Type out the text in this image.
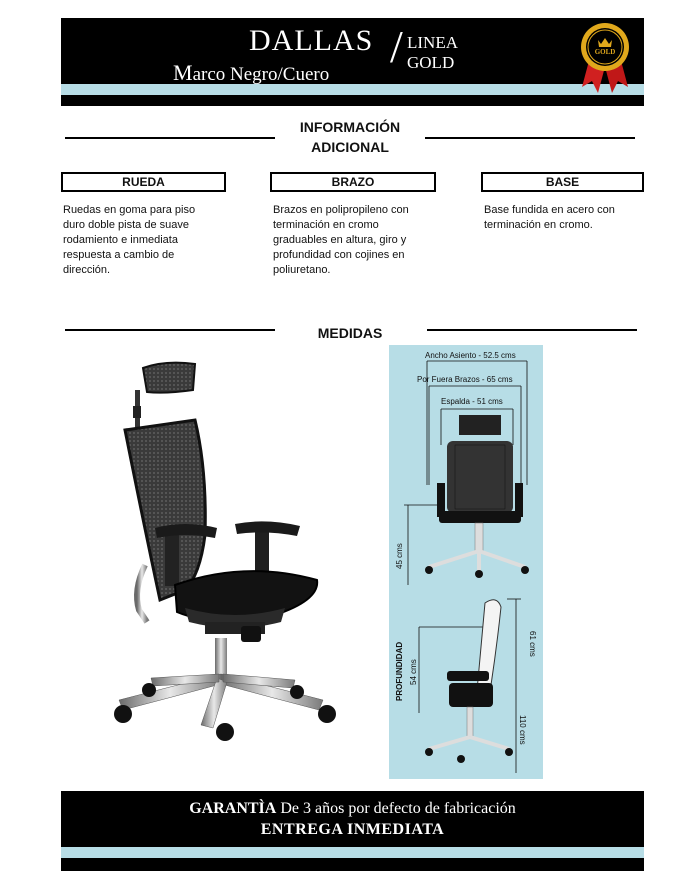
DALLAS
Marco Negro/Cuero
/ LINEA
GOLD
GOLD
INFORMACIÓN
ADICIONAL
RUEDA	BRAZO	BASE
Ruedas en goma para piso
duro doble pista de suave
rodamiento e inmediata
respuesta a cambio de
dirección.
Brazos en polipropileno con
terminación en cromo
graduables en altura, giro y
profundidad con cojines en
poliuretano.
Base fundida en acero con
terminación en cromo.
MEDIDAS
Ancho Asiento - 52.5 cms
Por Fuera Brazos - 65 cms
Espalda - 51 cms
45 cms
PROFUNDIDAD 54 cms
61 cms
110 cms
GARANTÌA De 3 años por defecto de fabricación
ENTREGA INMEDIATA
